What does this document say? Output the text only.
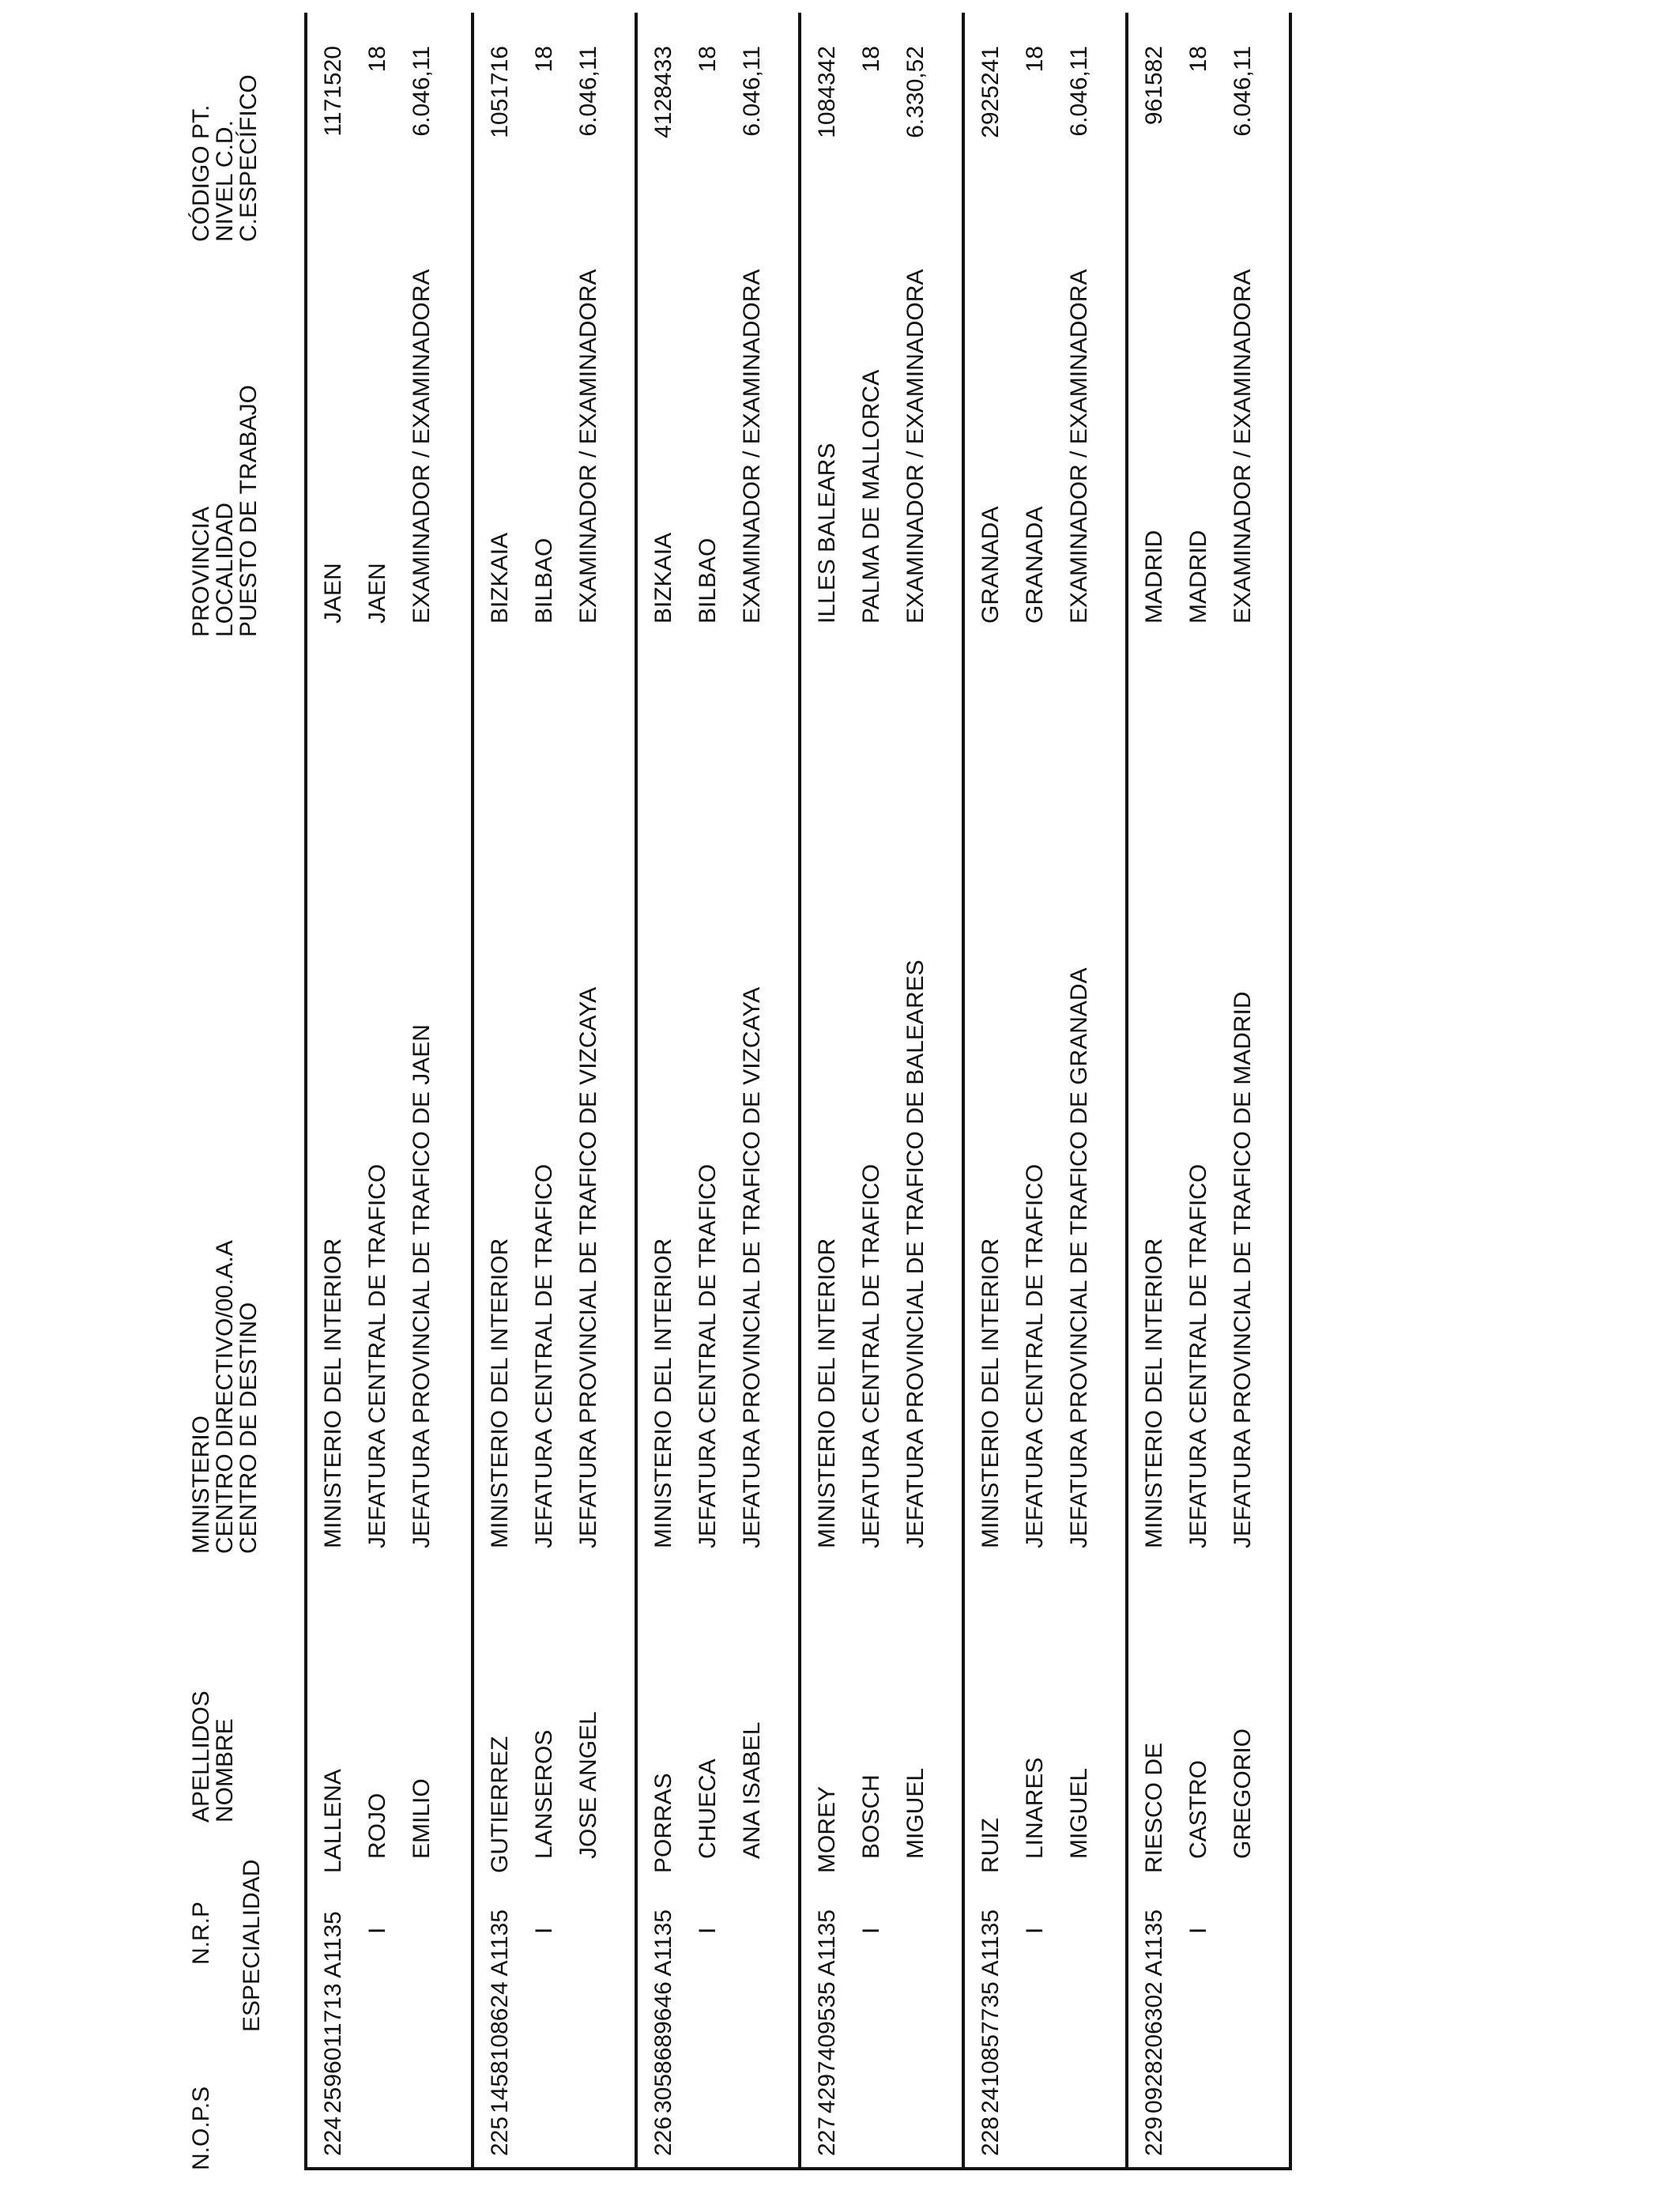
N.O.P.S
N.R.P ESPECIALIDAD
APELLIDOS
NOMBRE
MINISTERIO
CENTRO DIRECTIVO/00.A.A
CENTRO DE DESTINO
PROVINCIA
LOCALIDAD
PUESTO DE TRABAJO
CÓDIGO PT.
NIVEL C.D.
C.ESPECÍFICO
224
2596011713 A1135 I
LALLENA ROJO EMILIO
MINISTERIO DEL INTERIOR JEFATURA CENTRAL DE TRAFICO JEFATURA PROVINCIAL DE TRAFICO DE JAEN
JAEN JAEN EXAMINADOR / EXAMINADORA
1171520 18 6.046,11
225
1458108624 A1135 I
GUTIERREZ LANSEROS JOSE ANGEL
MINISTERIO DEL INTERIOR JEFATURA CENTRAL DE TRAFICO JEFATURA PROVINCIAL DE TRAFICO DE VIZCAYA
BIZKAIA BILBAO EXAMINADOR / EXAMINADORA
1051716 18 6.046,11
226
3058689646 A1135 I
PORRAS CHUECA ANA ISABEL
MINISTERIO DEL INTERIOR JEFATURA CENTRAL DE TRAFICO JEFATURA PROVINCIAL DE TRAFICO DE VIZCAYA
BIZKAIA BILBAO EXAMINADOR / EXAMINADORA
4128433 18 6.046,11
227
4297409535 A1135 I
MOREY BOSCH MIGUEL
MINISTERIO DEL INTERIOR JEFATURA CENTRAL DE TRAFICO JEFATURA PROVINCIAL DE TRAFICO DE BALEARES
ILLES BALEARS PALMA DE MALLORCA EXAMINADOR / EXAMINADORA
1084342 18 6.330,52
228
2410857735 A1135 I
RUIZ LINARES MIGUEL
MINISTERIO DEL INTERIOR JEFATURA CENTRAL DE TRAFICO JEFATURA PROVINCIAL DE TRAFICO DE GRANADA
GRANADA GRANADA EXAMINADOR / EXAMINADORA
2925241 18 6.046,11
229
0928206302 A1135 I
RIESCO DE CASTRO GREGORIO
MINISTERIO DEL INTERIOR JEFATURA CENTRAL DE TRAFICO JEFATURA PROVINCIAL DE TRAFICO DE MADRID
MADRID MADRID EXAMINADOR / EXAMINADORA
961582 18 6.046,11
